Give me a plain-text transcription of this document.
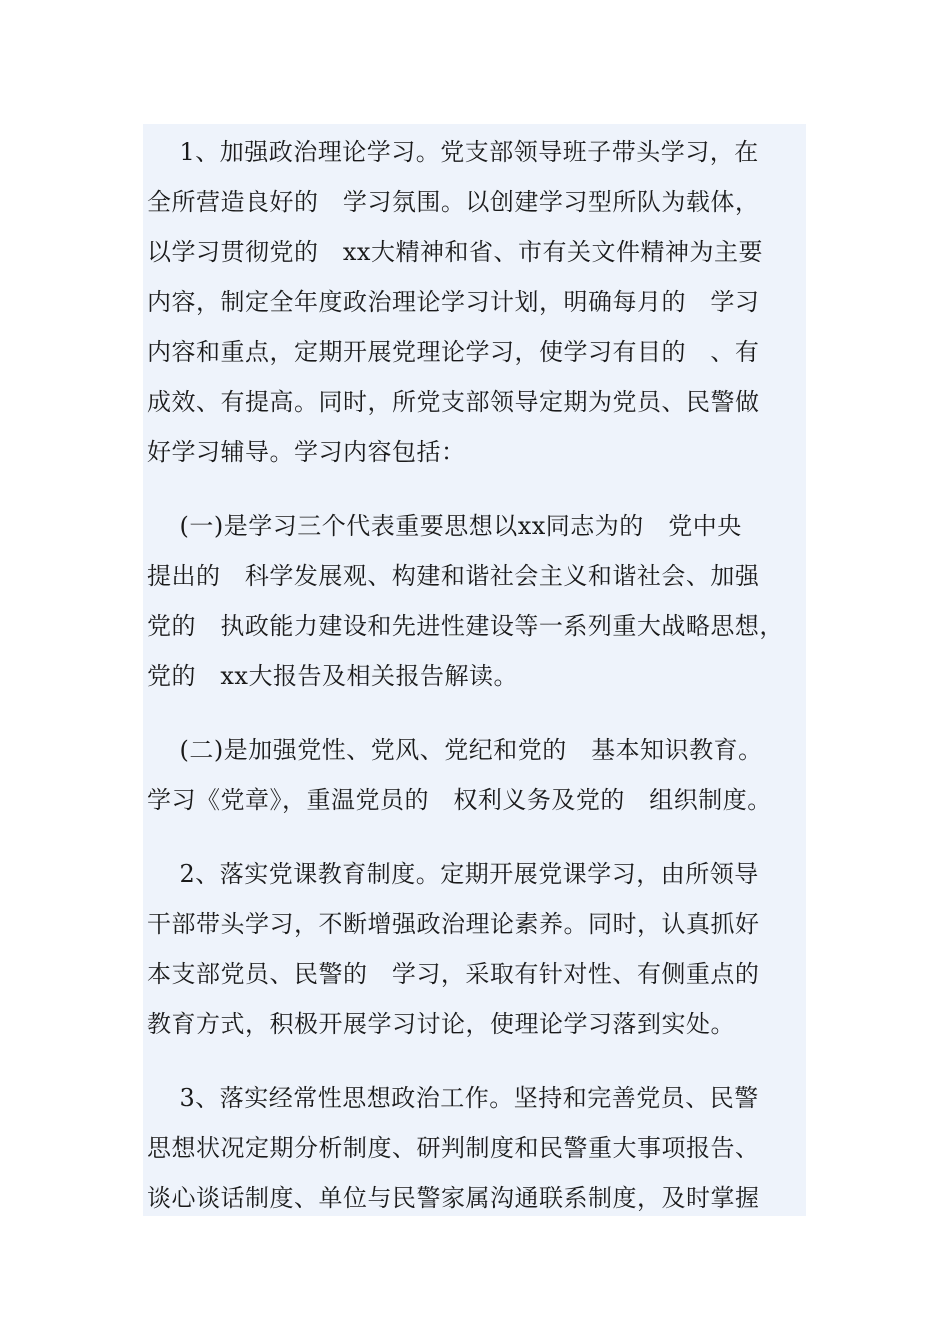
1、加强政治理论学习。党支部领导班子带头学习，在
全所营造良好的   学习氛围。以创建学习型所队为载体，
以学习贯彻党的   xx大精神和省、市有关文件精神为主要
内容，制定全年度政治理论学习计划，明确每月的   学习
内容和重点，定期开展党理论学习，使学习有目的   、有
成效、有提高。同时，所党支部领导定期为党员、民警做
好学习辅导。学习内容包括：
(一)是学习三个代表重要思想以xx同志为的   党中央
提出的   科学发展观、构建和谐社会主义和谐社会、加强
党的   执政能力建设和先进性建设等一系列重大战略思想，
党的   xx大报告及相关报告解读。
(二)是加强党性、党风、党纪和党的   基本知识教育。
学习《党章》，重温党员的   权利义务及党的   组织制度。
2、落实党课教育制度。定期开展党课学习，由所领导
干部带头学习，不断增强政治理论素养。同时，认真抓好
本支部党员、民警的   学习，采取有针对性、有侧重点的
教育方式，积极开展学习讨论，使理论学习落到实处。
3、落实经常性思想政治工作。坚持和完善党员、民警
思想状况定期分析制度、研判制度和民警重大事项报告、
谈心谈话制度、单位与民警家属沟通联系制度，及时掌握
